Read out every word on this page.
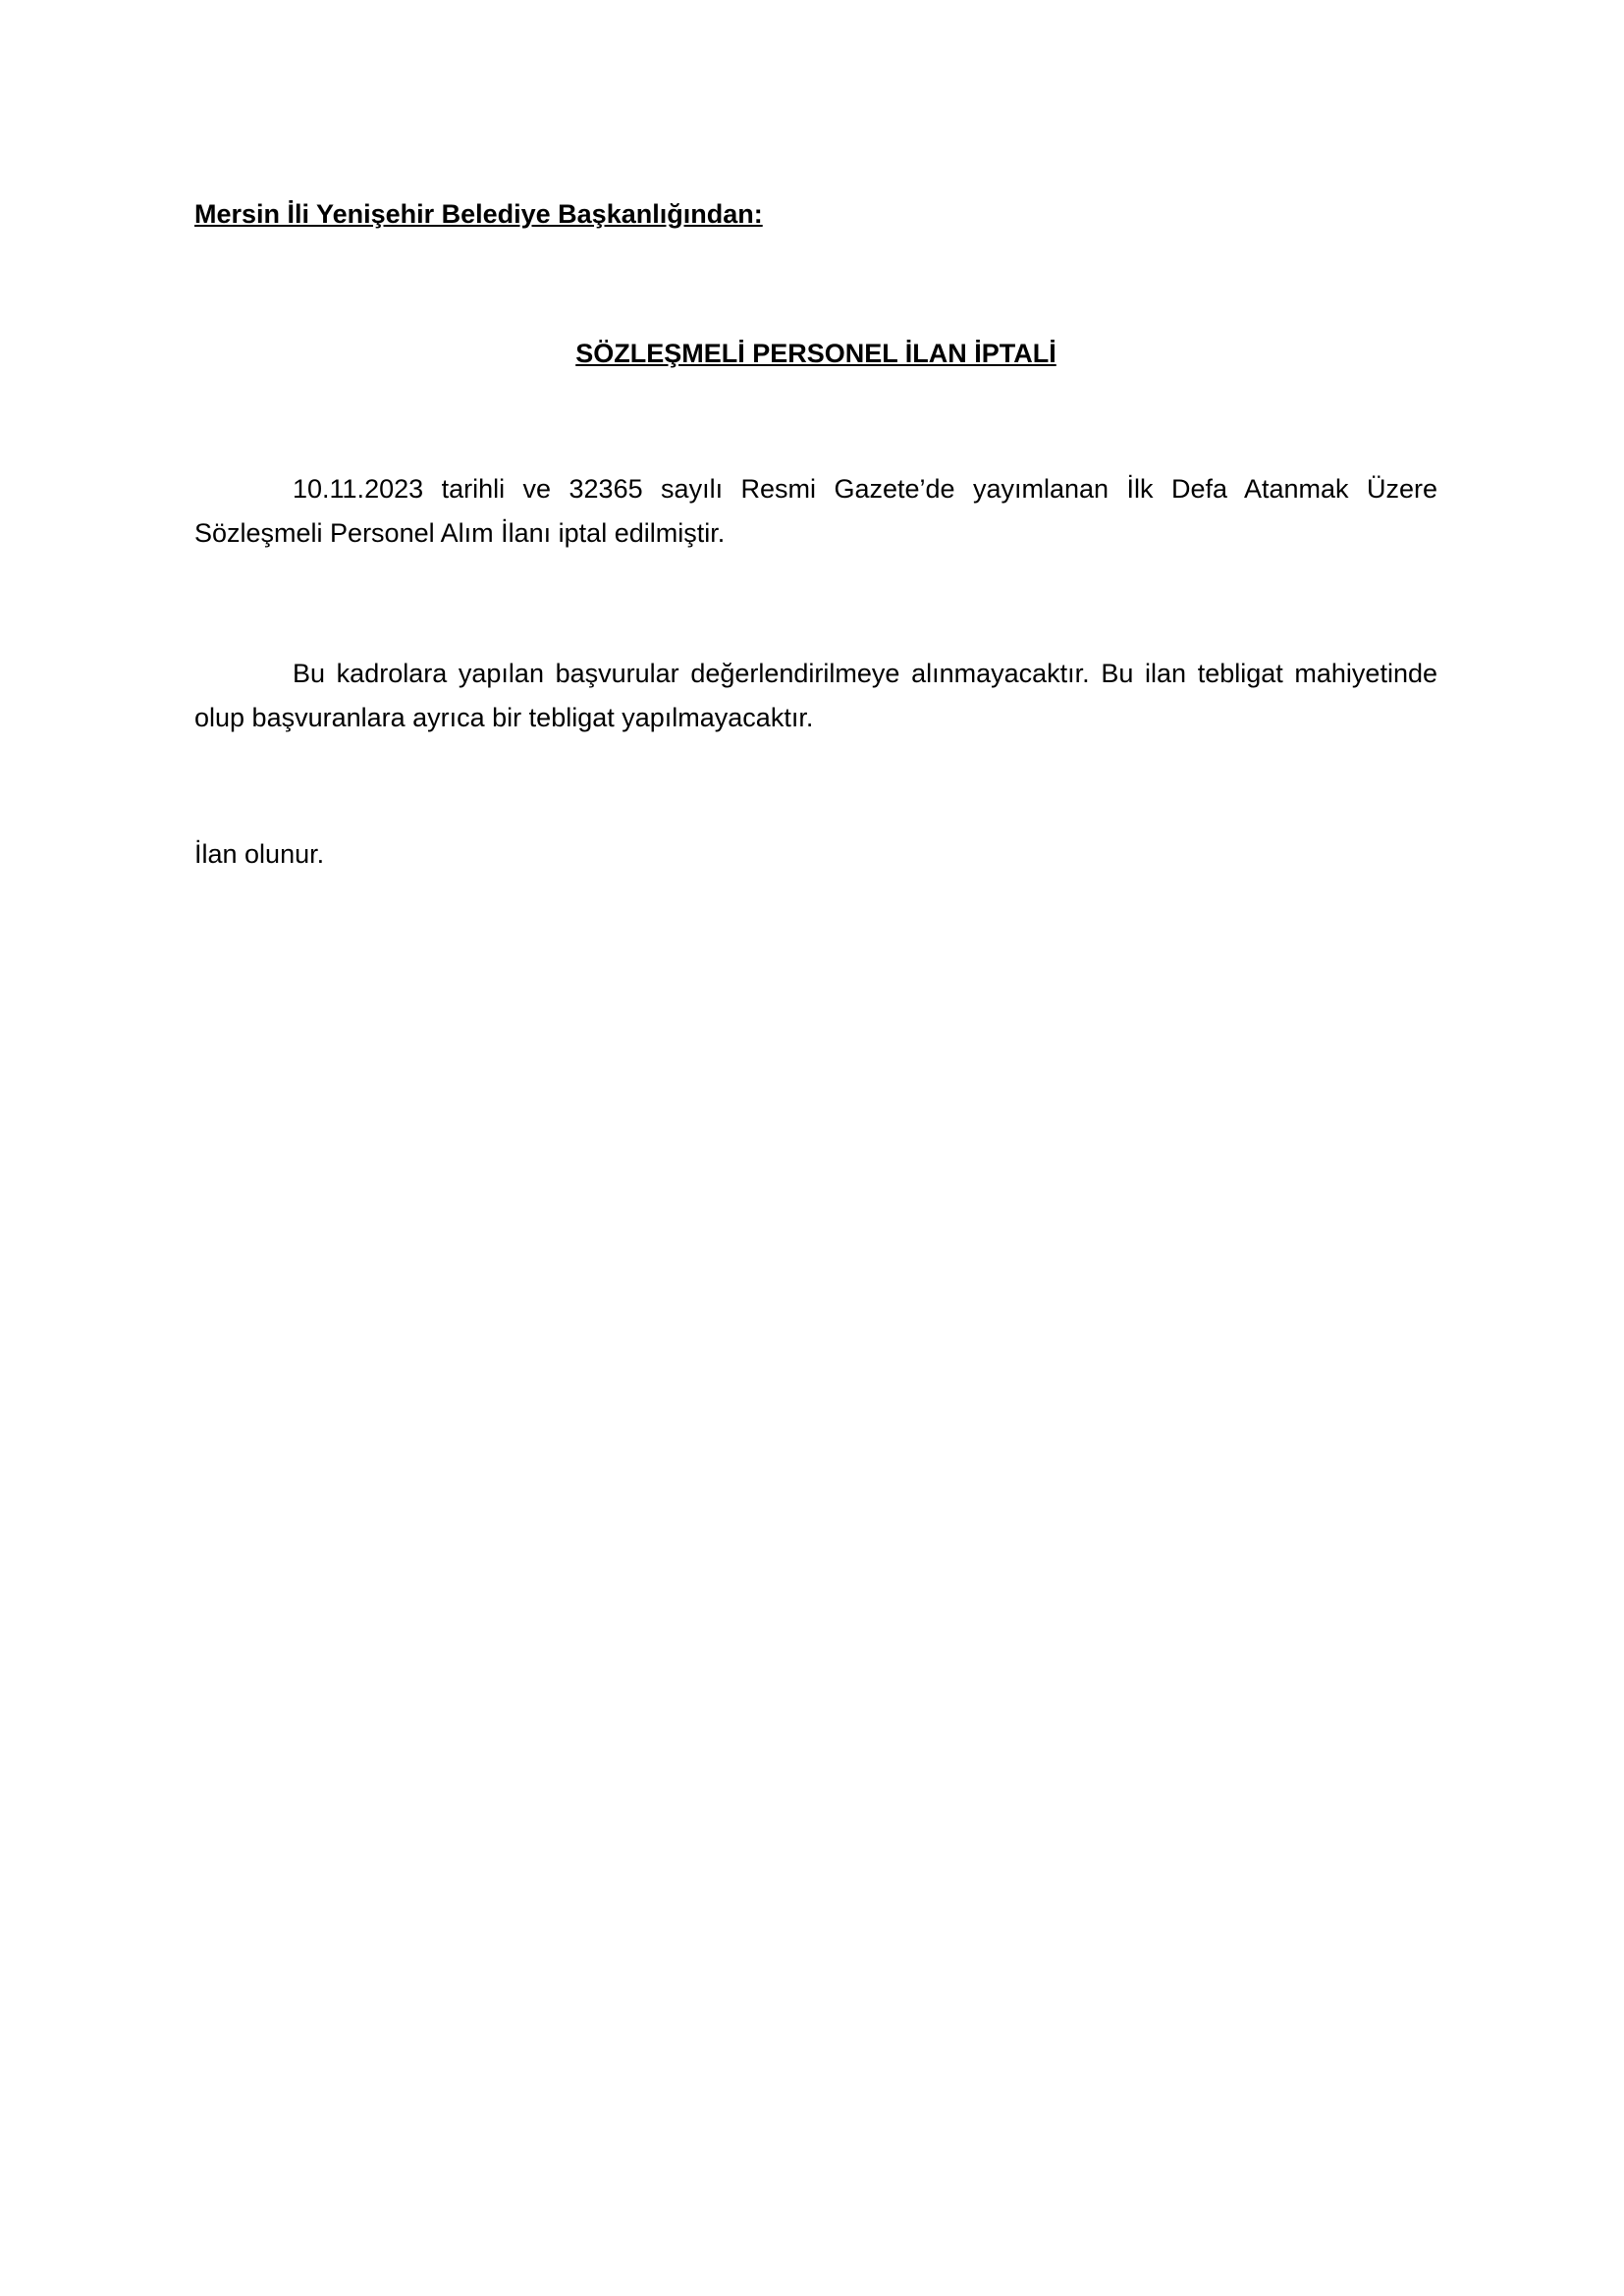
Mersin İli Yenişehir Belediye Başkanlığından:

SÖZLEŞMELİ PERSONEL İLAN İPTALİ

10.11.2023 tarihli ve 32365 sayılı Resmi Gazete’de yayımlanan İlk Defa Atanmak Üzere Sözleşmeli Personel Alım İlanı iptal edilmiştir.

Bu kadrolara yapılan başvurular değerlendirilmeye alınmayacaktır. Bu ilan tebligat mahiyetinde olup başvuranlara ayrıca bir tebligat yapılmayacaktır.

İlan olunur.
